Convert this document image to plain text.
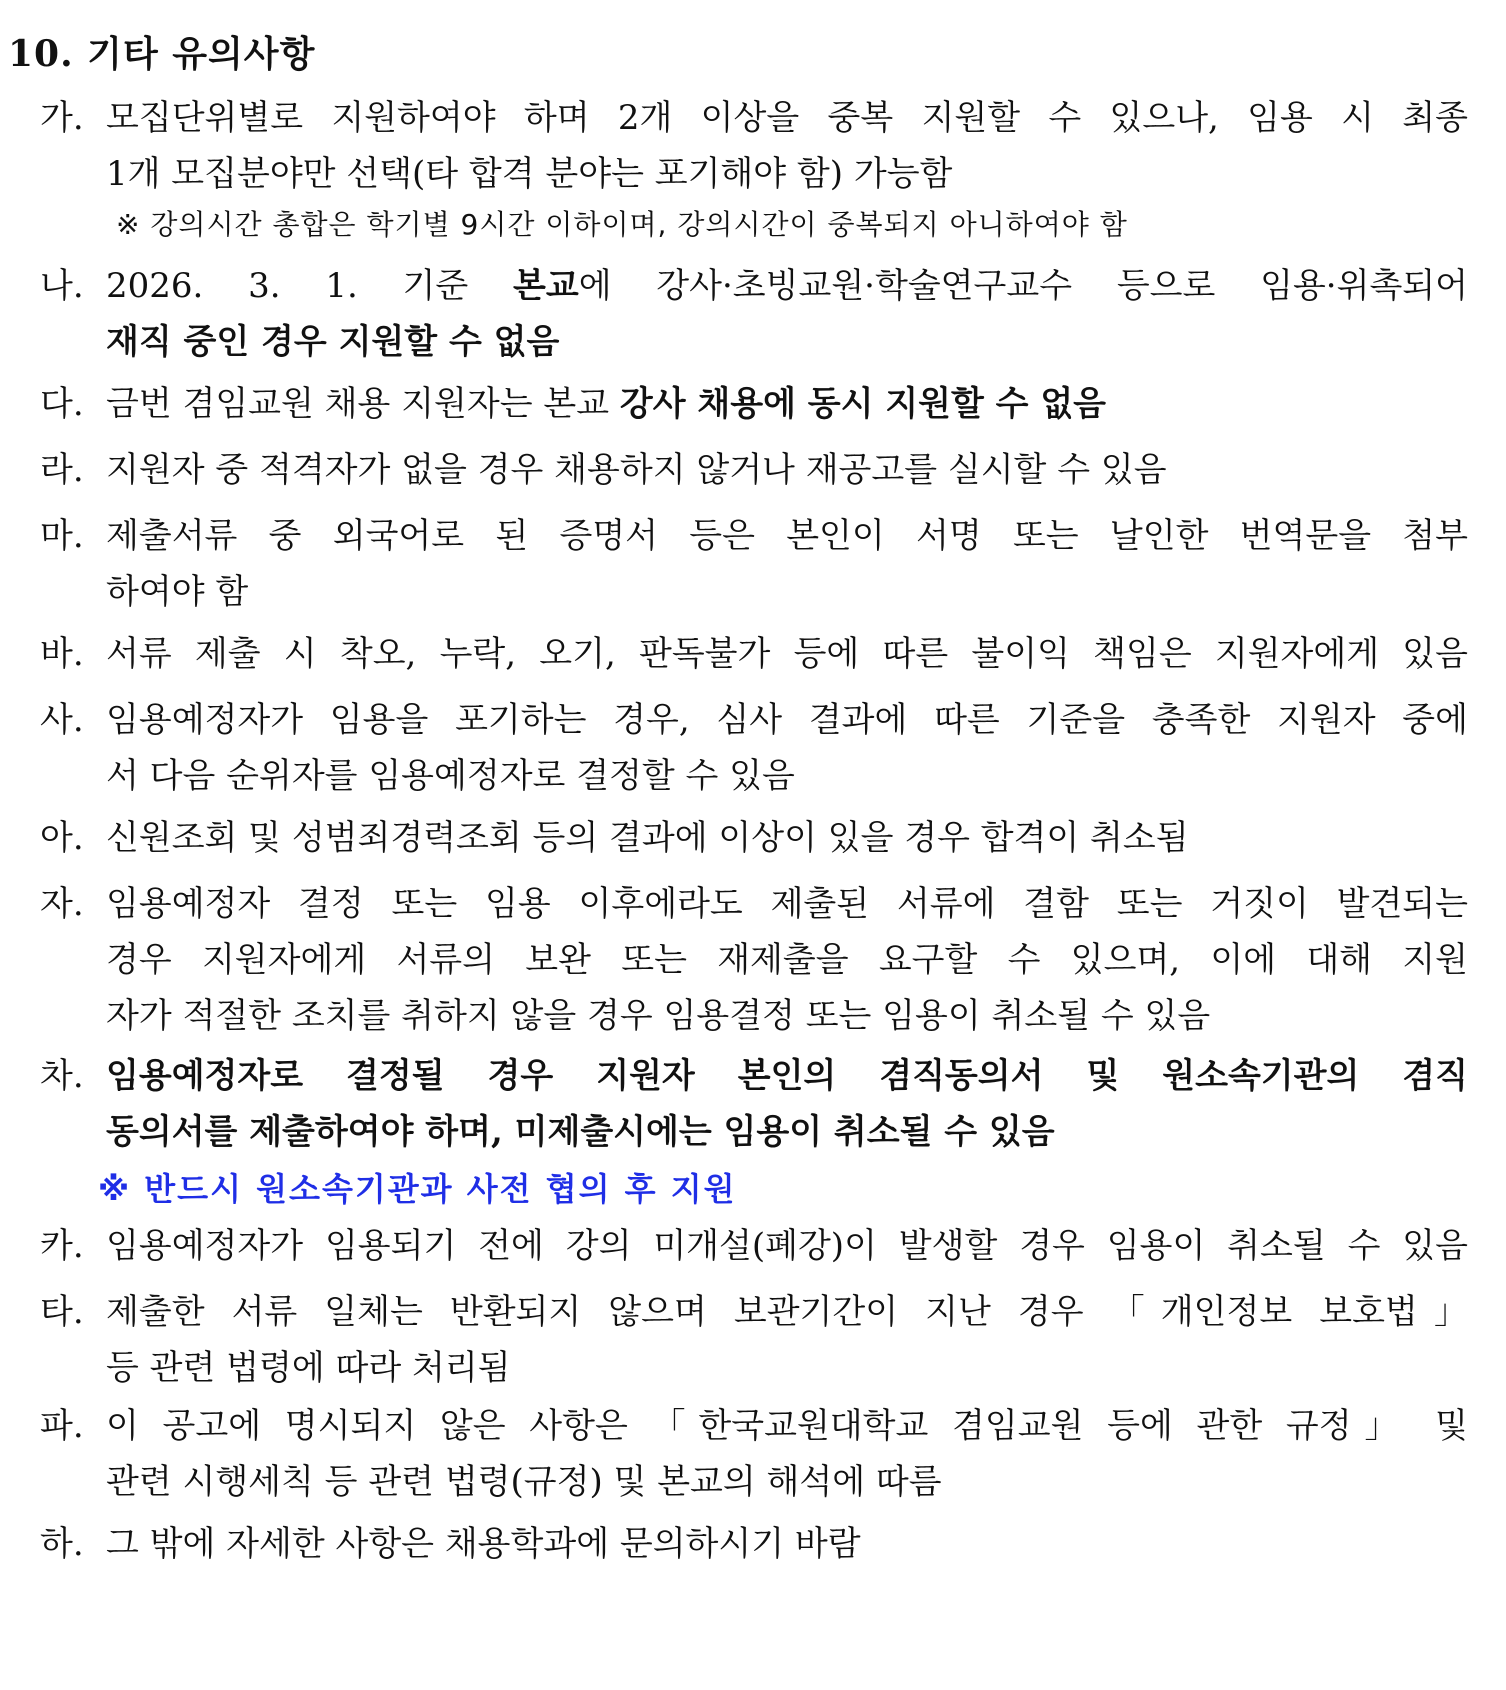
10. 기타 유의사항
가. 모집단위별로 지원하여야 하며 2개 이상을 중복 지원할 수 있으나, 임용 시 최종
1개 모집분야만 선택(타 합격 분야는 포기해야 함) 가능함
※ 강의시간 총합은 학기별 9시간 이하이며, 강의시간이 중복되지 아니하여야 함
나. 2026. 3. 1. 기준 본교에 강사·초빙교원·학술연구교수 등으로 임용·위촉되어
재직 중인 경우 지원할 수 없음
다. 금번 겸임교원 채용 지원자는 본교 강사 채용에 동시 지원할 수 없음
라. 지원자 중 적격자가 없을 경우 채용하지 않거나 재공고를 실시할 수 있음
마. 제출서류 중 외국어로 된 증명서 등은 본인이 서명 또는 날인한 번역문을 첨부
하여야 함
바. 서류 제출 시 착오, 누락, 오기, 판독불가 등에 따른 불이익 책임은 지원자에게 있음
사. 임용예정자가 임용을 포기하는 경우, 심사 결과에 따른 기준을 충족한 지원자 중에
서 다음 순위자를 임용예정자로 결정할 수 있음
아. 신원조회 및 성범죄경력조회 등의 결과에 이상이 있을 경우 합격이 취소됨
자. 임용예정자 결정 또는 임용 이후에라도 제출된 서류에 결함 또는 거짓이 발견되는
경우 지원자에게 서류의 보완 또는 재제출을 요구할 수 있으며, 이에 대해 지원
자가 적절한 조치를 취하지 않을 경우 임용결정 또는 임용이 취소될 수 있음
차. 임용예정자로 결정될 경우 지원자 본인의 겸직동의서 및 원소속기관의 겸직
동의서를 제출하여야 하며, 미제출시에는 임용이 취소될 수 있음
※ 반드시 원소속기관과 사전 협의 후 지원
카. 임용예정자가 임용되기 전에 강의 미개설(폐강)이 발생할 경우 임용이 취소될 수 있음
타. 제출한 서류 일체는 반환되지 않으며 보관기간이 지난 경우 「개인정보 보호법」
등 관련 법령에 따라 처리됨
파. 이 공고에 명시되지 않은 사항은 「한국교원대학교 겸임교원 등에 관한 규정」 및
관련 시행세칙 등 관련 법령(규정) 및 본교의 해석에 따름
하. 그 밖에 자세한 사항은 채용학과에 문의하시기 바람
